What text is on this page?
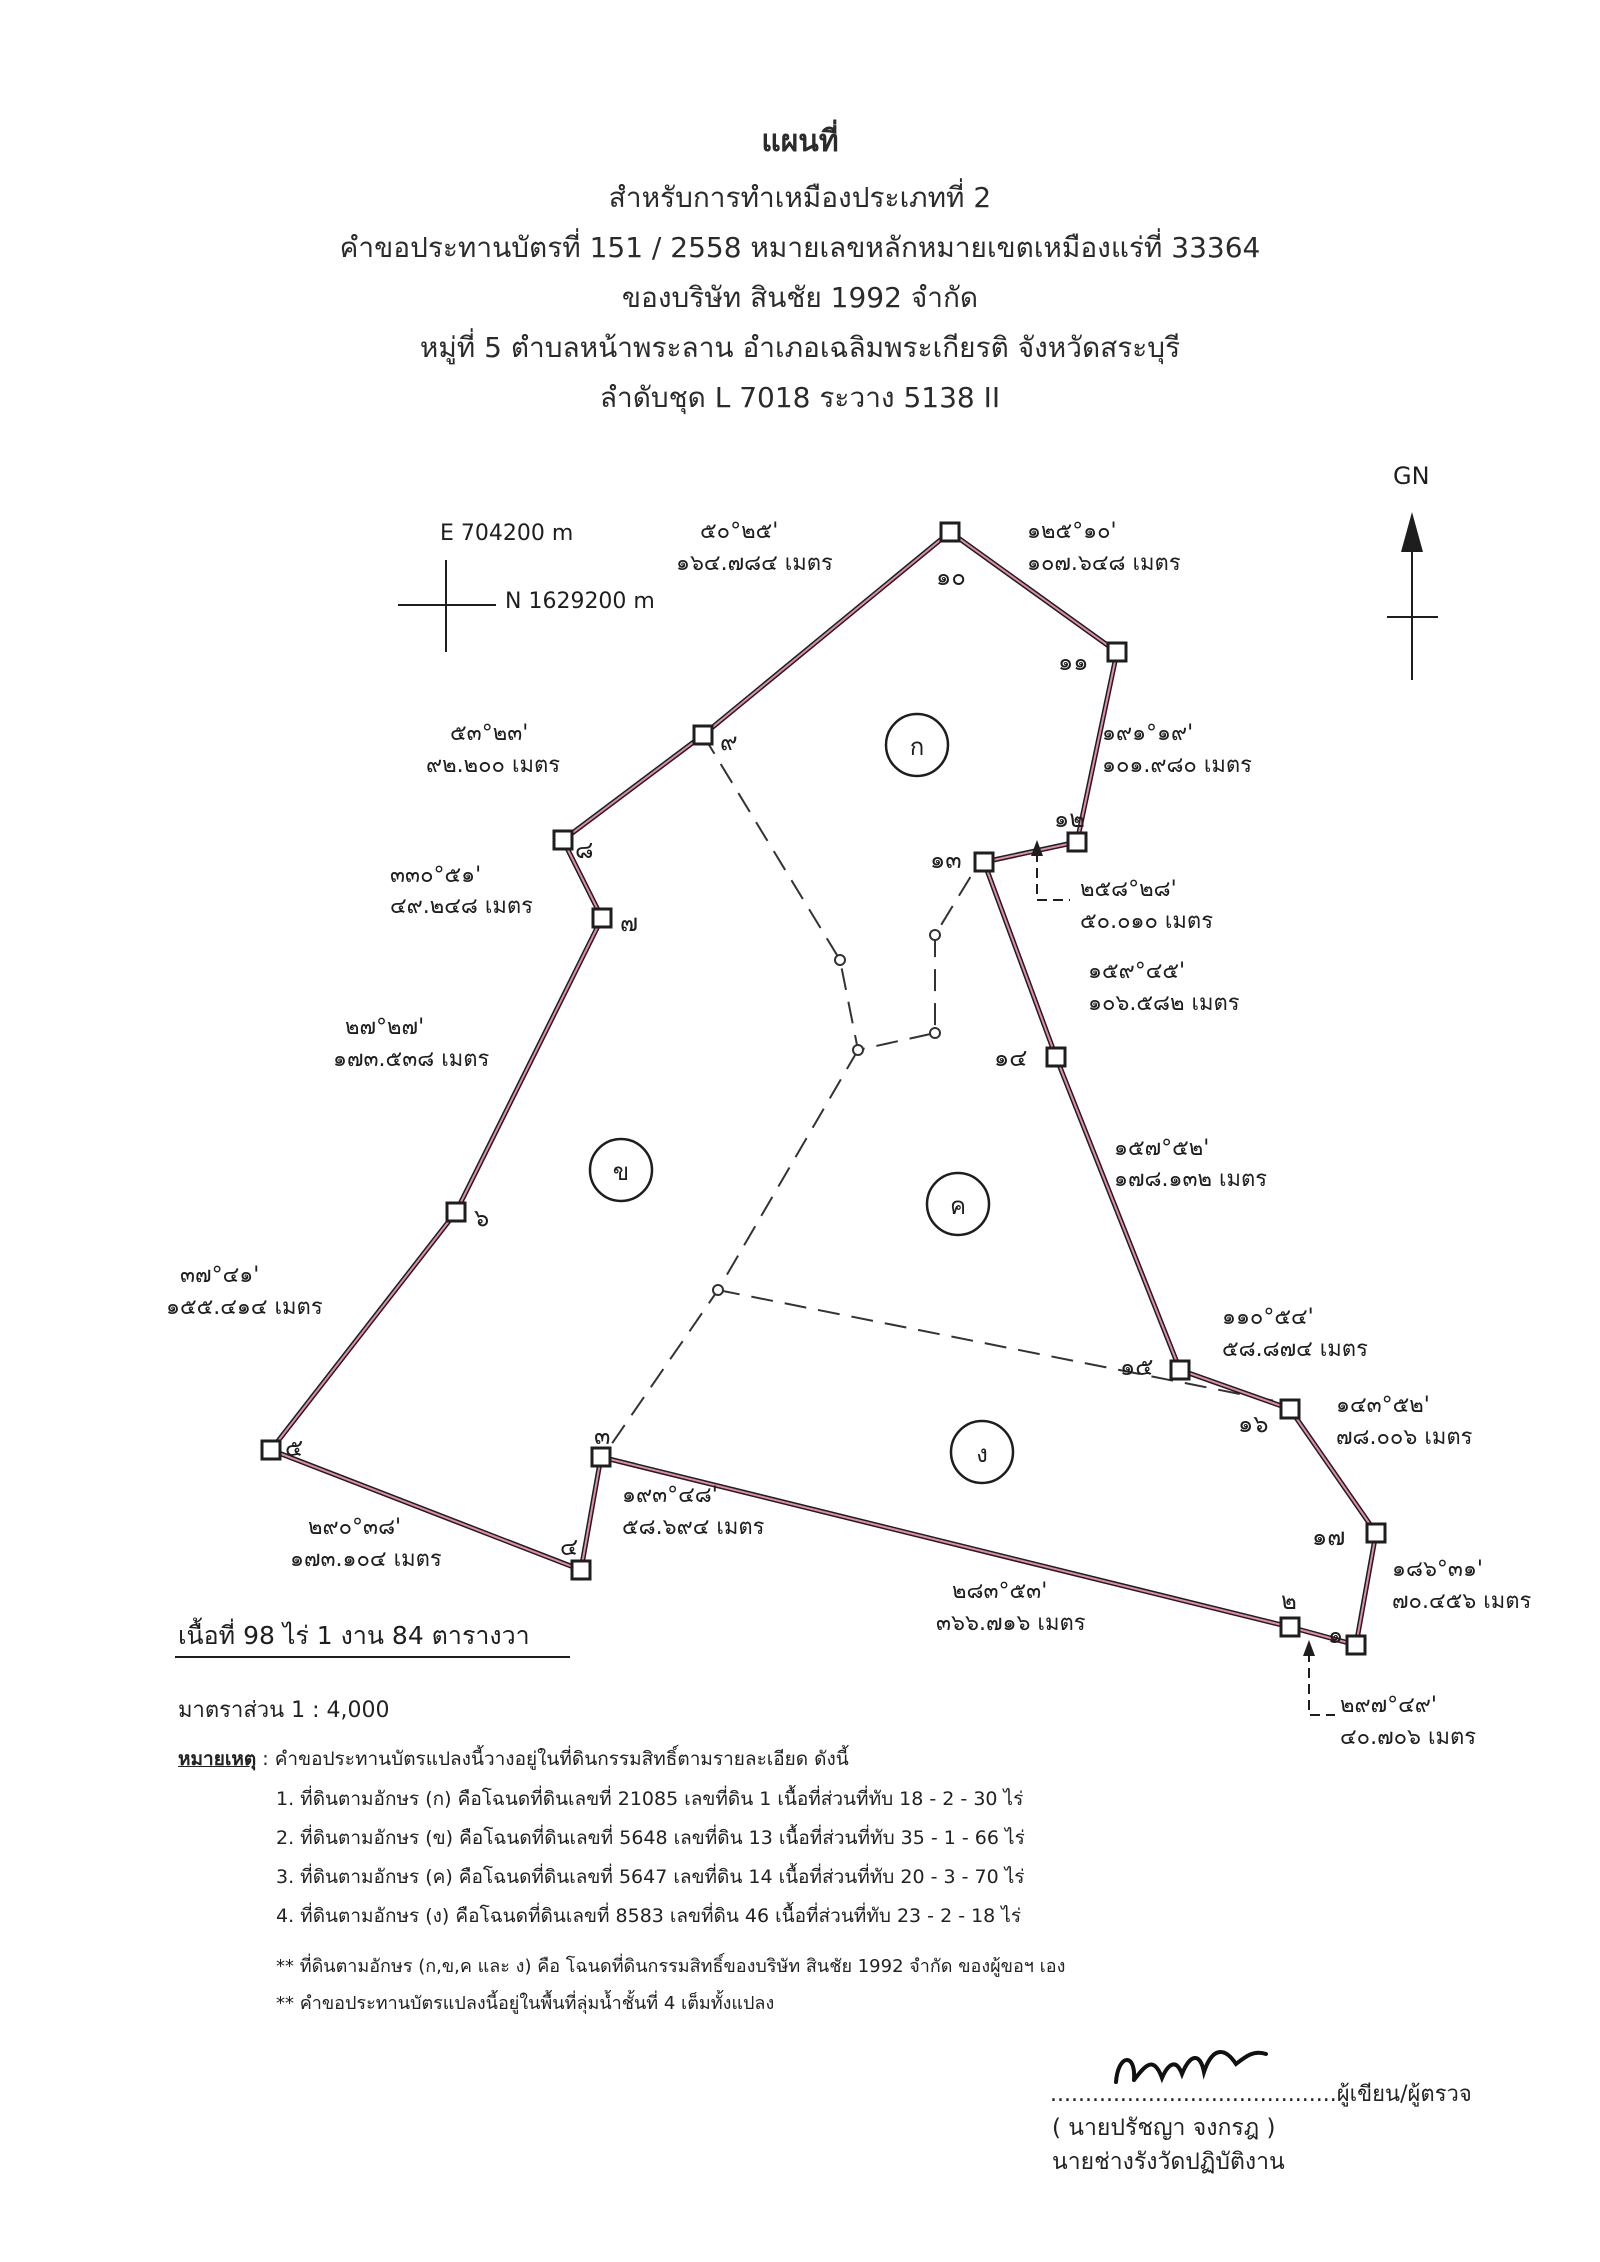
แผนที่
สำหรับการทำเหมืองประเภทที่ 2
คำขอประทานบัตรที่ 151 / 2558 หมายเลขหลักหมายเขตเหมืองแร่ที่ 33364
ของบริษัท สินชัย 1992 จำกัด
หมู่ที่ 5 ตำบลหน้าพระลาน อำเภอเฉลิมพระเกียรติ จังหวัดสระบุรี
ลำดับชุด L 7018 ระวาง 5138 II
GN
E 704200 m
N 1629200 m
๑
๒
๓
๔
๕
๖
๗
๘
๙
๑๐
๑๑
๑๒
๑๓
๑๔
๑๕
๑๖
๑๗
ก
ข
ค
ง
๕๐°๒๕'
๑๖๔.๗๘๔ เมตร
๑๒๕°๑๐'
๑๐๗.๖๔๘ เมตร
๕๓°๒๓'
๙๒.๒๐๐ เมตร
๑๙๑°๑๙'
๑๐๑.๙๘๐ เมตร
๓๓๐°๕๑'
๔๙.๒๔๘ เมตร
๒๕๘°๒๘'
๕๐.๐๑๐ เมตร
๑๕๙°๔๕'
๑๐๖.๕๘๒ เมตร
๒๗°๒๗'
๑๗๓.๕๓๘ เมตร
๑๕๗°๕๒'
๑๗๘.๑๓๒ เมตร
๓๗°๔๑'
๑๕๕.๔๑๔ เมตร	๑๑๐°๕๔'
๕๘.๘๗๔ เมตร
๑๔๓°๕๒'
๗๘.๐๐๖ เมตร
๒๙๐°๓๘'
๑๗๓.๑๐๔ เมตร
๑๙๓°๔๘'
๕๘.๖๙๔ เมตร
๒๘๓°๕๓'
๓๖๖.๗๑๖ เมตร
๑๘๖°๓๑'
๗๐.๔๕๖ เมตร
๒๙๗°๔๙'
๔๐.๗๐๖ เมตร
เนื้อที่ 98 ไร่ 1 งาน 84 ตารางวา
มาตราส่วน 1 : 4,000
หมายเหตุ : คำขอประทานบัตรแปลงนี้วางอยู่ในที่ดินกรรมสิทธิ์ตามรายละเอียด ดังนี้
1. ที่ดินตามอักษร (ก) คือโฉนดที่ดินเลขที่ 21085 เลขที่ดิน 1 เนื้อที่ส่วนที่ทับ 18 - 2 - 30 ไร่
2. ที่ดินตามอักษร (ข) คือโฉนดที่ดินเลขที่ 5648 เลขที่ดิน 13 เนื้อที่ส่วนที่ทับ 35 - 1 - 66 ไร่
3. ที่ดินตามอักษร (ค) คือโฉนดที่ดินเลขที่ 5647 เลขที่ดิน 14 เนื้อที่ส่วนที่ทับ 20 - 3 - 70 ไร่
4. ที่ดินตามอักษร (ง) คือโฉนดที่ดินเลขที่ 8583 เลขที่ดิน 46 เนื้อที่ส่วนที่ทับ 23 - 2 - 18 ไร่
** ที่ดินตามอักษร (ก,ข,ค และ ง) คือ โฉนดที่ดินกรรมสิทธิ์ของบริษัท สินชัย 1992 จำกัด ของผู้ขอฯ เอง
** คำขอประทานบัตรแปลงนี้อยู่ในพื้นที่ลุ่มน้ำชั้นที่ 4 เต็มทั้งแปลง
.........................................ผู้เขียน/ผู้ตรวจ
( นายปรัชญา จงกรฎ )
นายช่างรังวัดปฏิบัติงาน
